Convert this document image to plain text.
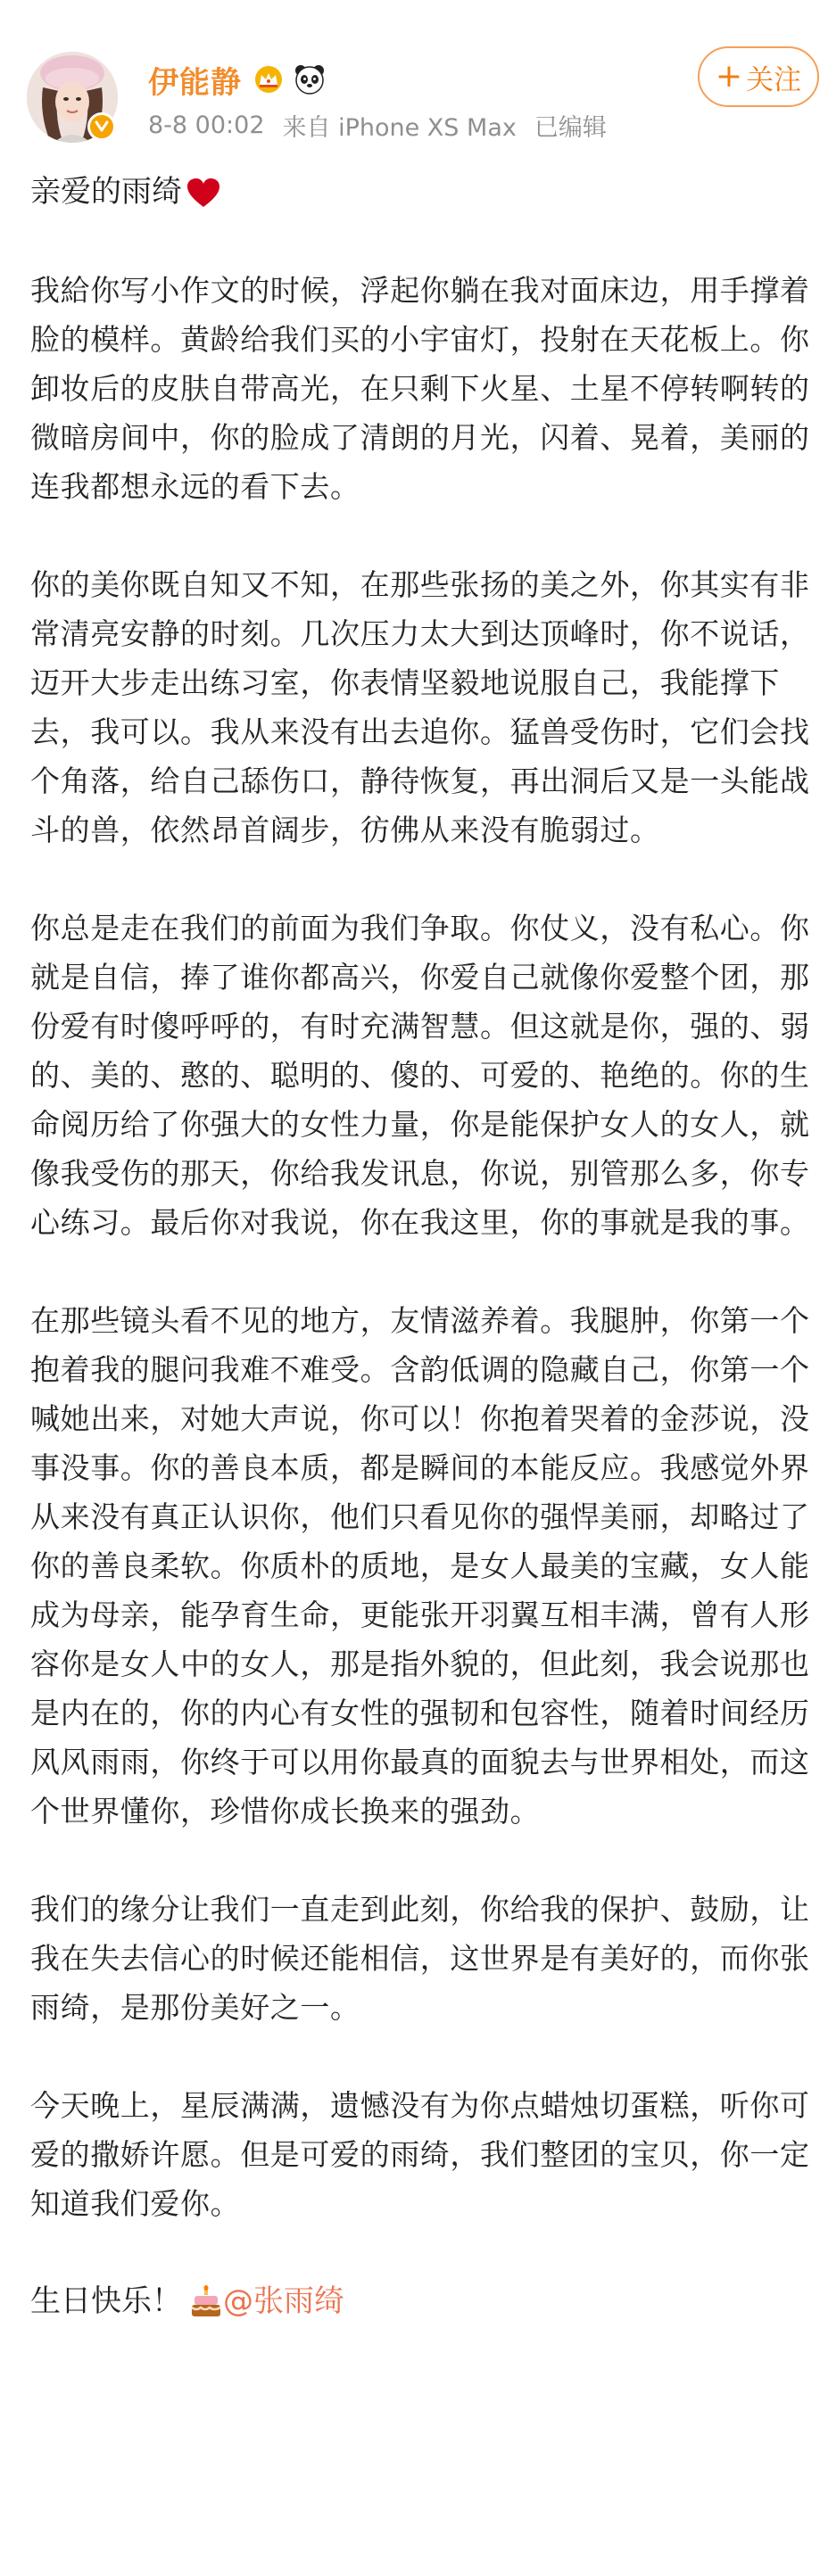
伊能静
8-8 00:02 来自 iPhone XS Max 已编辑
+ 关注
亲爱的雨绮

我給你写小作文的时候，浮起你躺在我对面床边，用手撑着脸的模样。黄龄给我们买的小宇宙灯，投射在天花板上。你卸妆后的皮肤自带高光，在只剩下火星、土星不停转啊转的微暗房间中，你的脸成了清朗的月光，闪着、晃着，美丽的连我都想永远的看下去。

你的美你既自知又不知，在那些张扬的美之外，你其实有非常清亮安静的时刻。几次压力太大到达顶峰时，你不说话，迈开大步走出练习室，你表情坚毅地说服自己，我能撑下去，我可以。我从来没有出去追你。猛兽受伤时，它们会找个角落，给自己舔伤口，静待恢复，再出洞后又是一头能战斗的兽，依然昂首阔步，彷佛从来没有脆弱过。

你总是走在我们的前面为我们争取。你仗义，没有私心。你就是自信，捧了谁你都高兴，你爱自己就像你爱整个团，那份爱有时傻呼呼的，有时充满智慧。但这就是你，强的、弱的、美的、憨的、聪明的、傻的、可爱的、艳绝的。你的生命阅历给了你强大的女性力量，你是能保护女人的女人，就像我受伤的那天，你给我发讯息，你说，别管那么多，你专心练习。最后你对我说，你在我这里，你的事就是我的事。

在那些镜头看不见的地方，友情滋养着。我腿肿，你第一个抱着我的腿问我难不难受。含韵低调的隐藏自己，你第一个喊她出来，对她大声说，你可以！你抱着哭着的金莎说，没事没事。你的善良本质，都是瞬间的本能反应。我感觉外界从来没有真正认识你，他们只看见你的强悍美丽，却略过了你的善良柔软。你质朴的质地，是女人最美的宝藏，女人能成为母亲，能孕育生命，更能张开羽翼互相丰满，曾有人形容你是女人中的女人，那是指外貌的，但此刻，我会说那也是内在的，你的内心有女性的强韧和包容性，随着时间经历风风雨雨，你终于可以用你最真的面貌去与世界相处，而这个世界懂你，珍惜你成长换来的强劲。

我们的缘分让我们一直走到此刻，你给我的保护、鼓励，让我在失去信心的时候还能相信，这世界是有美好的，而你张雨绮，是那份美好之一。

今天晚上，星辰满满，遗憾没有为你点蜡烛切蛋糕，听你可爱的撒娇许愿。但是可爱的雨绮，我们整团的宝贝，你一定知道我们爱你。

生日快乐！ @张雨绮
